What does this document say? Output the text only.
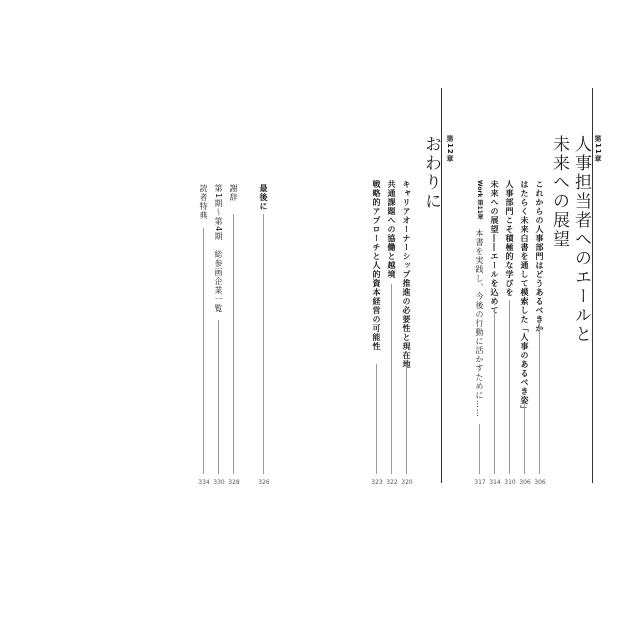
第11章
人事担当者へのエールと
未来への展望
これからの人事部門はどうあるべきか
306
はたらく未来白書を通して模索した「人事のあるべき姿」
306
人事部門こそ積極的な学びを
310
未来への展望――エールを込めて
314
Work 第11章　本書を実践し、今後の行動に活かすために……
317
第12章
おわりに
キャリアオーナーシップ推進の必要性と現在地
320
共通課題への協働と越境
322
戦略的アプローチと人的資本経営の可能性
323
最後に
326
謝辞
328
第1期〜第4期　総参画企業一覧
330
読者特典
334
